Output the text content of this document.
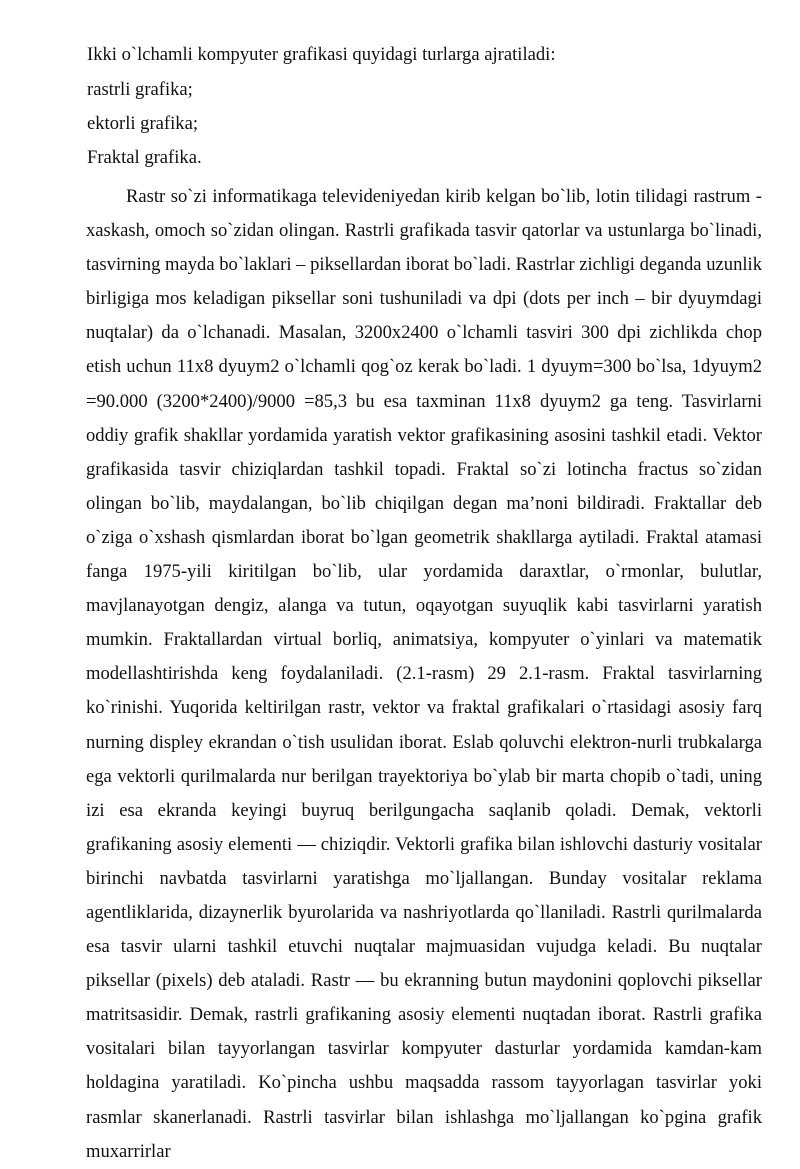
Ikki o`lchamli kompyuter grafikasi quyidagi turlarga ajratiladi:
rastrli grafika;
ektorli grafika;
Fraktal grafika.

Rastr so`zi informatikaga televideniyedan kirib kelgan bo`lib, lotin tilidagi rastrum - xaskash, omoch so`zidan olingan. Rastrli grafikada tasvir qatorlar va ustunlarga bo`linadi, tasvirning mayda bo`laklari – piksellardan iborat bo`ladi. Rastrlar zichligi deganda uzunlik birligiga mos keladigan piksellar soni tushuniladi va dpi (dots per inch – bir dyuymdagi nuqtalar) da o`lchanadi. Masalan, 3200x2400 o`lchamli tasviri 300 dpi zichlikda chop etish uchun 11x8 dyuym2 o`lchamli qog`oz kerak bo`ladi. 1 dyuym=300 bo`lsa, 1dyuym2 =90.000 (3200*2400)/9000 =85,3 bu esa taxminan 11x8 dyuym2 ga teng. Tasvirlarni oddiy grafik shakllar yordamida yaratish vektor grafikasining asosini tashkil etadi. Vektor grafikasida tasvir chiziqlardan tashkil topadi. Fraktal so`zi lotincha fractus so`zidan olingan bo`lib, maydalangan, bo`lib chiqilgan degan ma’noni bildiradi. Fraktallar deb o`ziga o`xshash qismlardan iborat bo`lgan geometrik shakllarga aytiladi. Fraktal atamasi fanga 1975-yili kiritilgan bo`lib, ular yordamida daraxtlar, o`rmonlar, bulutlar, mavjlanayotgan dengiz, alanga va tutun, oqayotgan suyuqlik kabi tasvirlarni yaratish mumkin. Fraktallardan virtual borliq, animatsiya, kompyuter o`yinlari va matematik modellashtirishda keng foydalaniladi. (2.1-rasm) 29 2.1-rasm. Fraktal tasvirlarning ko`rinishi. Yuqorida keltirilgan rastr, vektor va fraktal grafikalari o`rtasidagi asosiy farq nurning displey ekrandan o`tish usulidan iborat. Eslab qoluvchi elektron-nurli trubkalarga ega vektorli qurilmalarda nur berilgan trayektoriya bo`ylab bir marta chopib o`tadi, uning izi esa ekranda keyingi buyruq berilgungacha saqlanib qoladi. Demak, vektorli grafikaning asosiy elementi — chiziqdir. Vektorli grafika bilan ishlovchi dasturiy vositalar birinchi navbatda tasvirlarni yaratishga mo`ljallangan. Bunday vositalar reklama agentliklarida, dizaynerlik byurolarida va nashriyotlarda qo`llaniladi. Rastrli qurilmalarda esa tasvir ularni tashkil etuvchi nuqtalar majmuasidan vujudga keladi. Bu nuqtalar piksellar (pixels) deb ataladi. Rastr — bu ekranning butun maydonini qoplovchi piksellar matritsasidir. Demak, rastrli grafikaning asosiy elementi nuqtadan iborat. Rastrli grafika vositalari bilan tayyorlangan tasvirlar kompyuter dasturlar yordamida kamdan-kam holdagina yaratiladi. Ko`pincha ushbu maqsadda rassom tayyorlagan tasvirlar yoki rasmlar skanerlanadi. Rastrli tasvirlar bilan ishlashga mo`ljallangan ko`pgina grafik muxarrirlar
